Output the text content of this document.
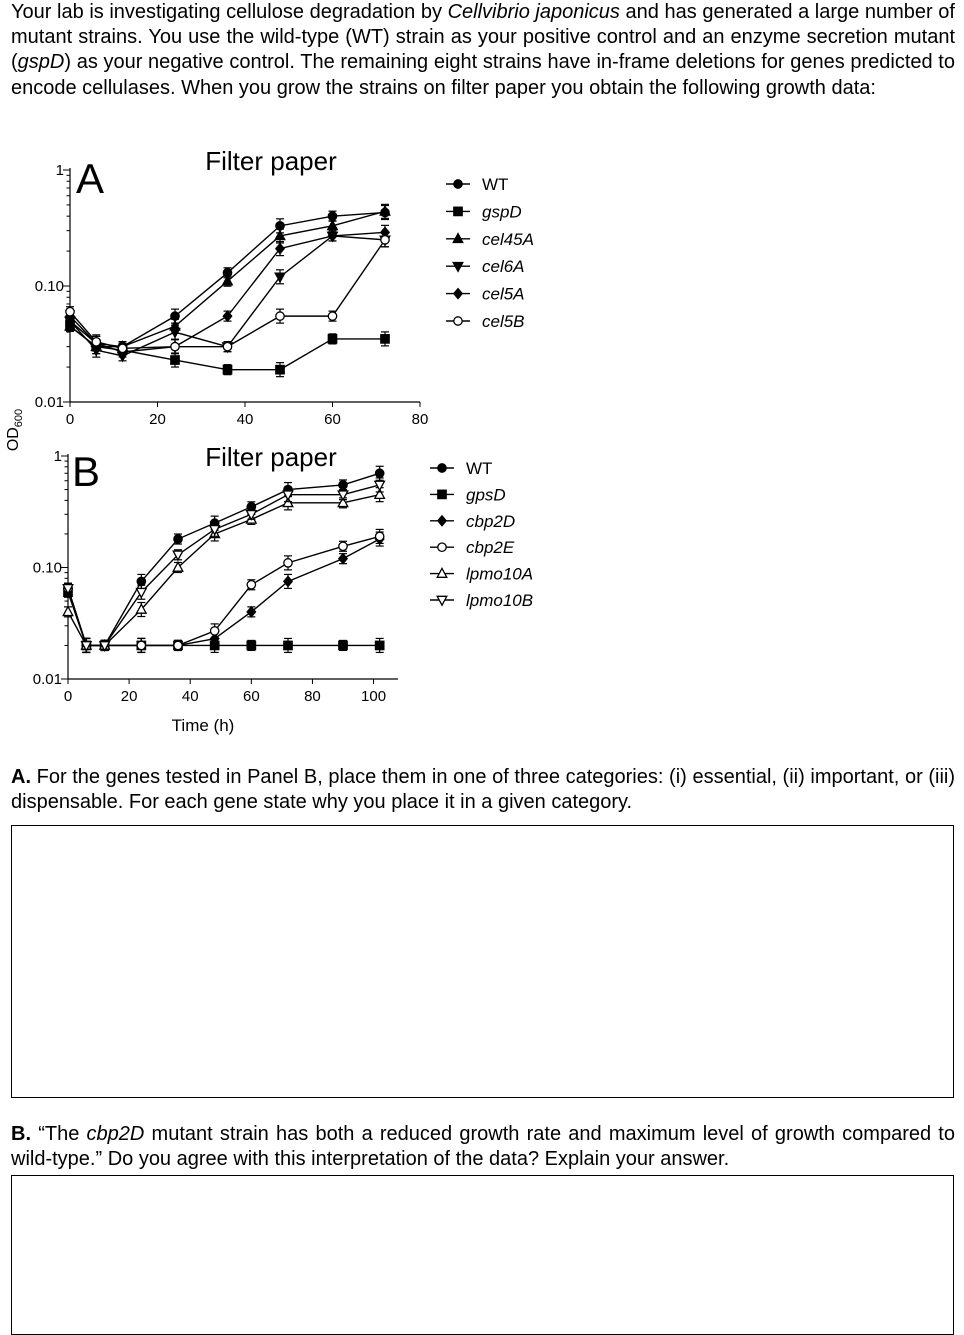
Your lab is investigating cellulose degradation by Cellvibrio japonicus and has generated a large number of mutant strains. You use the wild-type (WT) strain as your positive control and an enzyme secretion mutant (gspD) as your negative control. The remaining eight strains have in-frame deletions for genes predicted to encode cellulases. When you grow the strains on filter paper you obtain the following growth data:

0.01
0.10
1
0	20	40	60	80
A	Filter paper
WT
gspD
cel45A
cel6A
cel5A
cel5B
0.01
0.10
1
0	20	40	60	80	100
B	Filter paper
Time (h)
WT
gpsD
cbp2D
cbp2E
lpmo10A
lpmo10B
$OD_{600}$

A. For the genes tested in Panel B, place them in one of three categories: (i) essential, (ii) important, or (iii) dispensable. For each gene state why you place it in a given category.

B. “The cbp2D mutant strain has both a reduced growth rate and maximum level of growth compared to wild-type.” Do you agree with this interpretation of the data? Explain your answer.
